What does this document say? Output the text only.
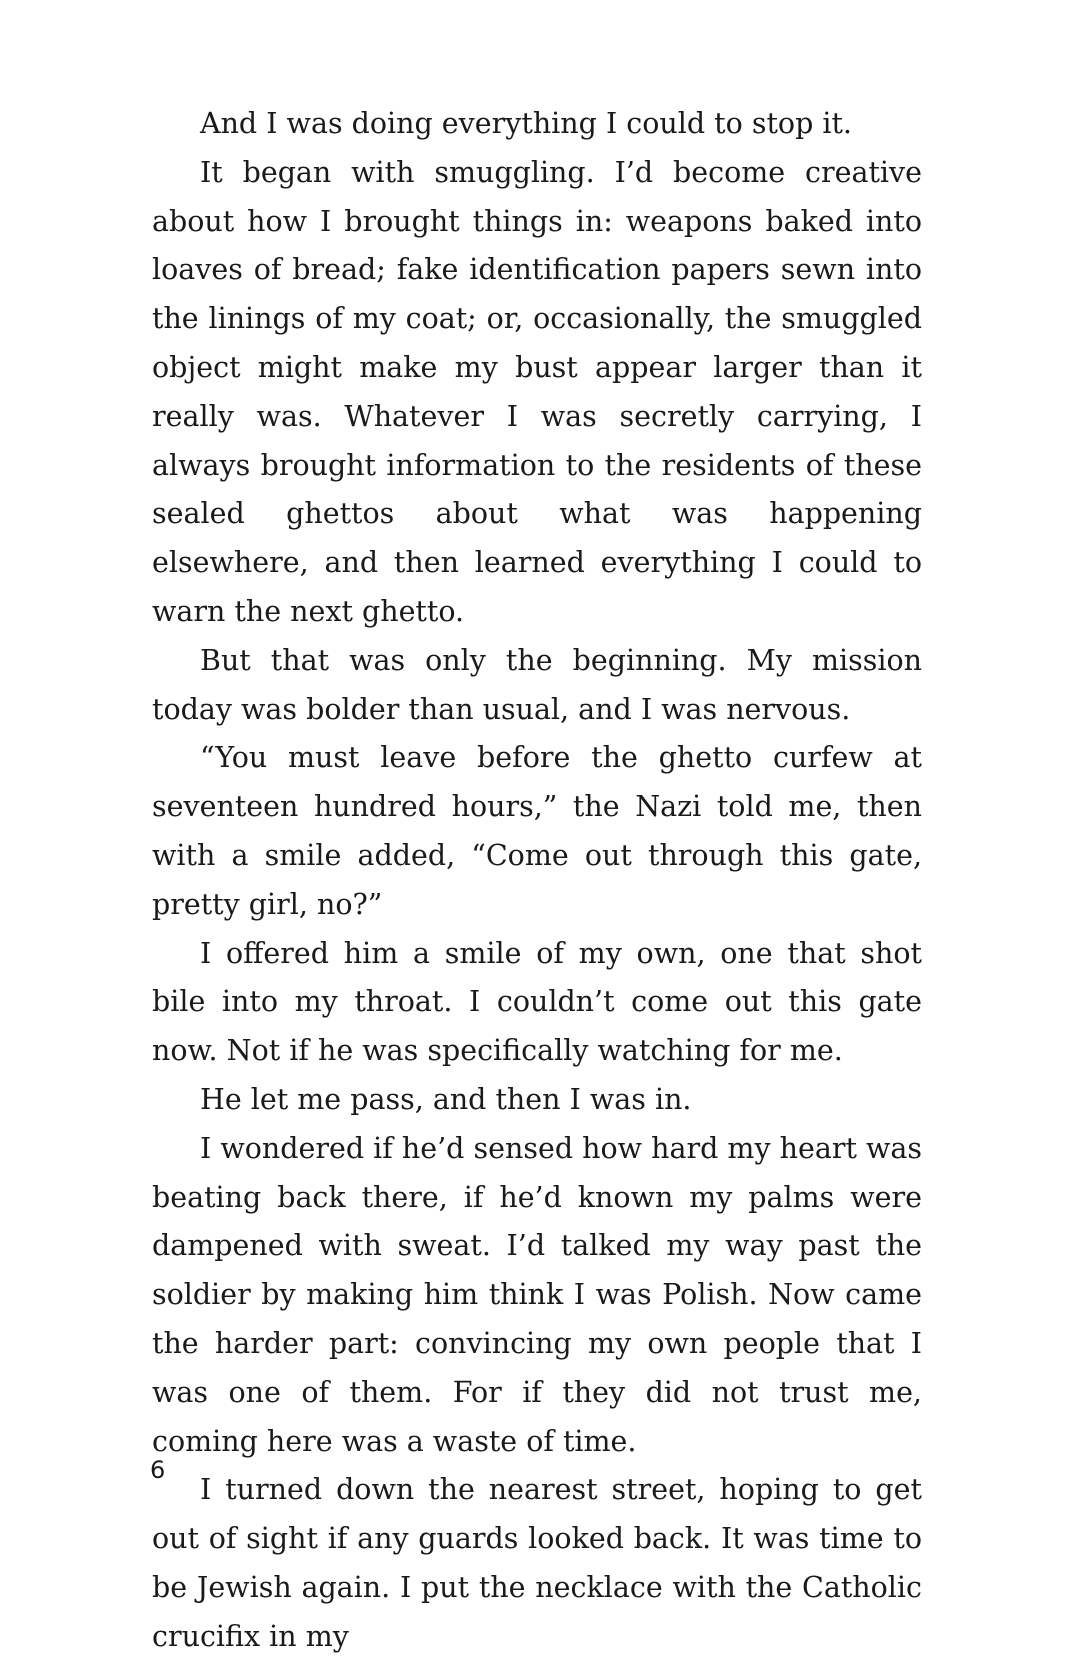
And I was doing everything I could to stop it.

It began with smuggling. I’d become creative about how I brought things in: weapons baked into loaves of bread; fake identification papers sewn into the linings of my coat; or, occasionally, the smuggled object might make my bust appear larger than it really was. Whatever I was secretly carrying, I always brought information to the residents of these sealed ghettos about what was happening elsewhere, and then learned everything I could to warn the next ghetto.

But that was only the beginning. My mission today was bolder than usual, and I was nervous.

“You must leave before the ghetto curfew at seventeen hundred hours,” the Nazi told me, then with a smile added, “Come out through this gate, pretty girl, no?”

I offered him a smile of my own, one that shot bile into my throat. I couldn’t come out this gate now. Not if he was specifically watching for me.

He let me pass, and then I was in.

I wondered if he’d sensed how hard my heart was beating back there, if he’d known my palms were dampened with sweat. I’d talked my way past the soldier by making him think I was Polish. Now came the harder part: convincing my own people that I was one of them. For if they did not trust me, coming here was a waste of time.

I turned down the nearest street, hoping to get out of sight if any guards looked back. It was time to be Jewish again. I put the necklace with the Catholic crucifix in my

6
